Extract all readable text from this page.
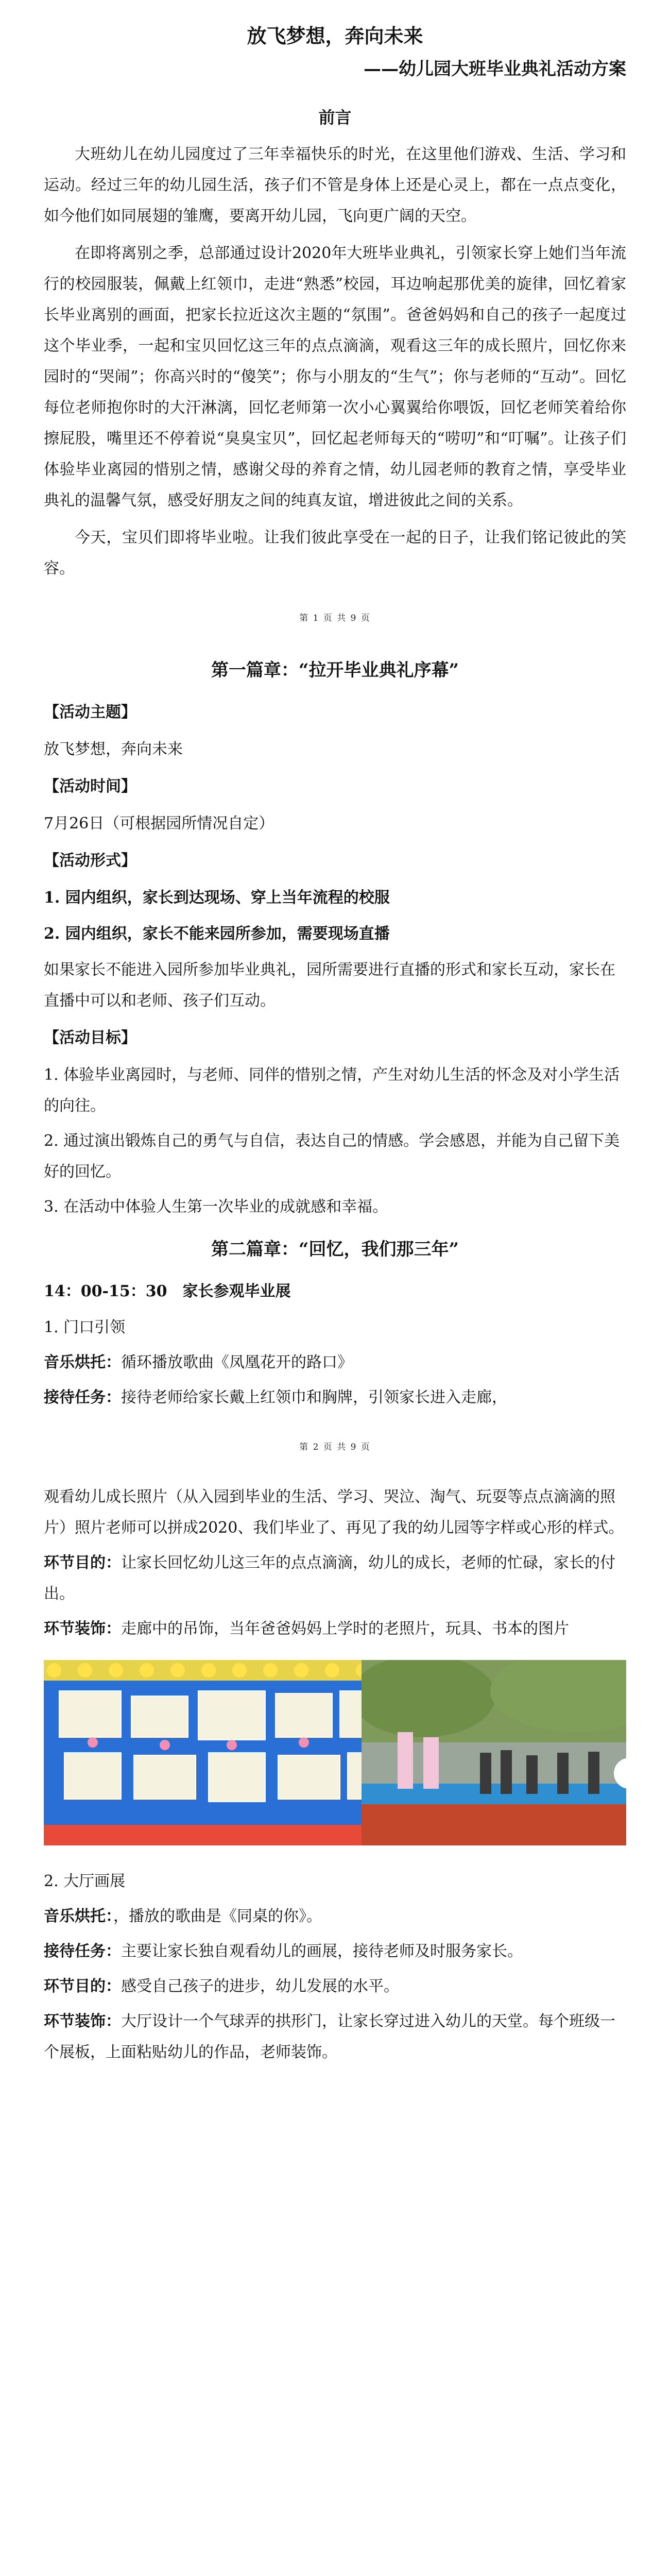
放飞梦想，奔向未来
——幼儿园大班毕业典礼活动方案
前言

大班幼儿在幼儿园度过了三年幸福快乐的时光，在这里他们游戏、生活、学习和运动。经过三年的幼儿园生活，孩子们不管是身体上还是心灵上，都在一点点变化，如今他们如同展翅的雏鹰，要离开幼儿园，飞向更广阔的天空。

在即将离别之季，总部通过设计2020年大班毕业典礼，引领家长穿上她们当年流行的校园服装，佩戴上红领巾，走进“熟悉”校园，耳边响起那优美的旋律，回忆着家长毕业离别的画面，把家长拉近这次主题的“氛围”。爸爸妈妈和自己的孩子一起度过这个毕业季，一起和宝贝回忆这三年的点点滴滴，观看这三年的成长照片，回忆你来园时的“哭闹”；你高兴时的“傻笑”；你与小朋友的“生气”；你与老师的“互动”。回忆每位老师抱你时的大汗淋漓，回忆老师第一次小心翼翼给你喂饭，回忆老师笑着给你擦屁股，嘴里还不停着说“臭臭宝贝”，回忆起老师每天的“唠叨”和“叮嘱”。让孩子们体验毕业离园的惜别之情，感谢父母的养育之情，幼儿园老师的教育之情，享受毕业典礼的温馨气氛，感受好朋友之间的纯真友谊，增进彼此之间的关系。

今天，宝贝们即将毕业啦。让我们彼此享受在一起的日子，让我们铭记彼此的笑容。

第 1 页 共 9 页
第一篇章：“拉开毕业典礼序幕”
【活动主题】
放飞梦想，奔向未来
【活动时间】
7月26日（可根据园所情况自定）
【活动形式】
1. 园内组织，家长到达现场、穿上当年流程的校服
2. 园内组织，家长不能来园所参加，需要现场直播
如果家长不能进入园所参加毕业典礼，园所需要进行直播的形式和家长互动，家长在直播中可以和老师、孩子们互动。
【活动目标】
1. 体验毕业离园时，与老师、同伴的惜别之情，产生对幼儿生活的怀念及对小学生活的向往。
2. 通过演出锻炼自己的勇气与自信，表达自己的情感。学会感恩，并能为自己留下美好的回忆。
3. 在活动中体验人生第一次毕业的成就感和幸福。
第二篇章：“回忆，我们那三年”
14：00-15：30　家长参观毕业展
1. 门口引领
音乐烘托：循环播放歌曲《凤凰花开的路口》
接待任务：接待老师给家长戴上红领巾和胸牌，引领家长进入走廊，
第 2 页 共 9 页
观看幼儿成长照片（从入园到毕业的生活、学习、哭泣、淘气、玩耍等点点滴滴的照片）照片老师可以拼成2020、我们毕业了、再见了我的幼儿园等字样或心形的样式。
环节目的：让家长回忆幼儿这三年的点点滴滴，幼儿的成长，老师的忙碌，家长的付出。
环节装饰：走廊中的吊饰，当年爸爸妈妈上学时的老照片，玩具、书本的图片
2. 大厅画展
音乐烘托：，播放的歌曲是《同桌的你》。
接待任务：主要让家长独自观看幼儿的画展，接待老师及时服务家长。
环节目的：感受自己孩子的进步，幼儿发展的水平。
环节装饰：大厅设计一个气球弄的拱形门，让家长穿过进入幼儿的天堂。每个班级一个展板，上面粘贴幼儿的作品，老师装饰。
